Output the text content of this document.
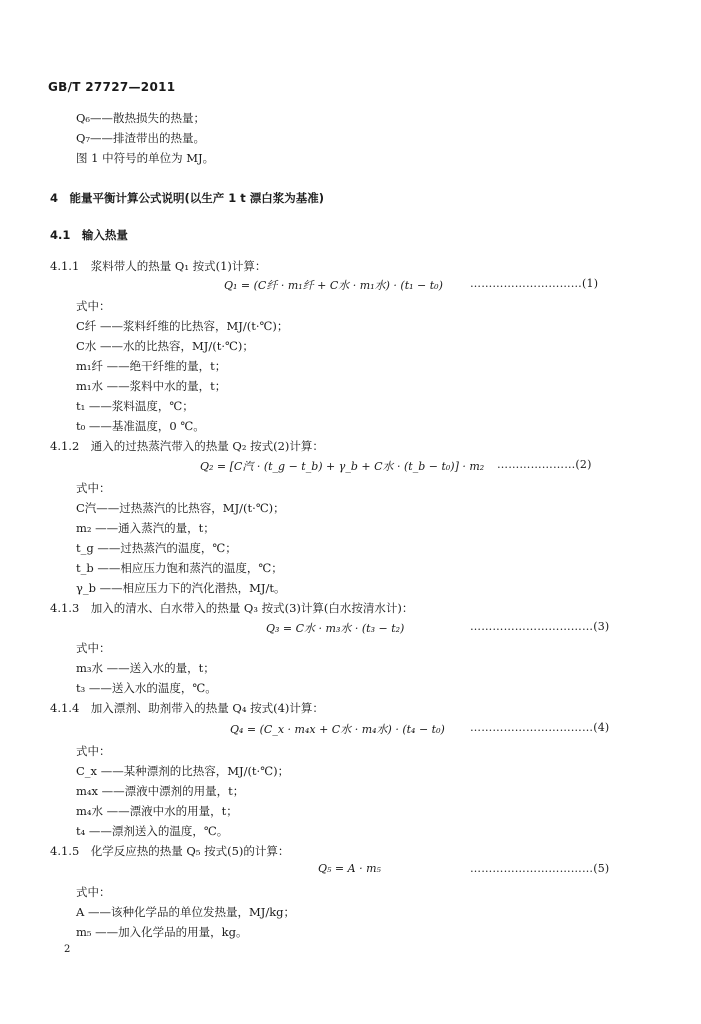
GB/T 27727—2011
Q₆——散热损失的热量；
Q₇——排渣带出的热量。
图 1 中符号的单位为 MJ。
4　能量平衡计算公式说明(以生产 1 t 漂白浆为基准)
4.1　输入热量
4.1.1　浆料带人的热量 Q₁ 按式(1)计算：
Q₁ = (C纤 · m₁纤 + C水 · m₁水) · (t₁ − t₀) …………………………(1)
式中：
C纤 ——浆料纤维的比热容，MJ/(t·℃)；
C水 ——水的比热容，MJ/(t·℃)；
m₁纤 ——绝干纤维的量，t；
m₁水 ——浆料中水的量，t；
t₁ ——浆料温度，℃；
t₀ ——基准温度，0 ℃。
4.1.2　通入的过热蒸汽带入的热量 Q₂ 按式(2)计算：
Q₂ = [C汽 · (t_g − t_b) + γ_b + C水 · (t_b − t₀)] · m₂ …………………(2)
式中：
C汽——过热蒸汽的比热容，MJ/(t·℃)；
m₂ ——通入蒸汽的量，t；
t_g ——过热蒸汽的温度，℃；
t_b ——相应压力饱和蒸汽的温度，℃；
γ_b ——相应压力下的汽化潜热，MJ/t。
4.1.3　加入的清水、白水带入的热量 Q₃ 按式(3)计算(白水按清水计)：
Q₃ = C水 · m₃水 · (t₃ − t₂)	……………………………(3)
式中：
m₃水 ——送入水的量，t；
t₃ ——送入水的温度，℃。
4.1.4　加入漂剂、助剂带入的热量 Q₄ 按式(4)计算：
Q₄ = (C_x · m₄x + C水 · m₄水) · (t₄ − t₀) ……………………………(4)
式中：
C_x ——某种漂剂的比热容，MJ/(t·℃)；
m₄x ——漂液中漂剂的用量，t；
m₄水 ——漂液中水的用量，t；
t₄ ——漂剂送入的温度，℃。
4.1.5　化学反应热的热量 Q₅ 按式(5)的计算：
Q₅ = A · m₅	……………………………(5)
式中：
A ——该种化学品的单位发热量，MJ/kg；
m₅ ——加入化学品的用量，kg。
2
